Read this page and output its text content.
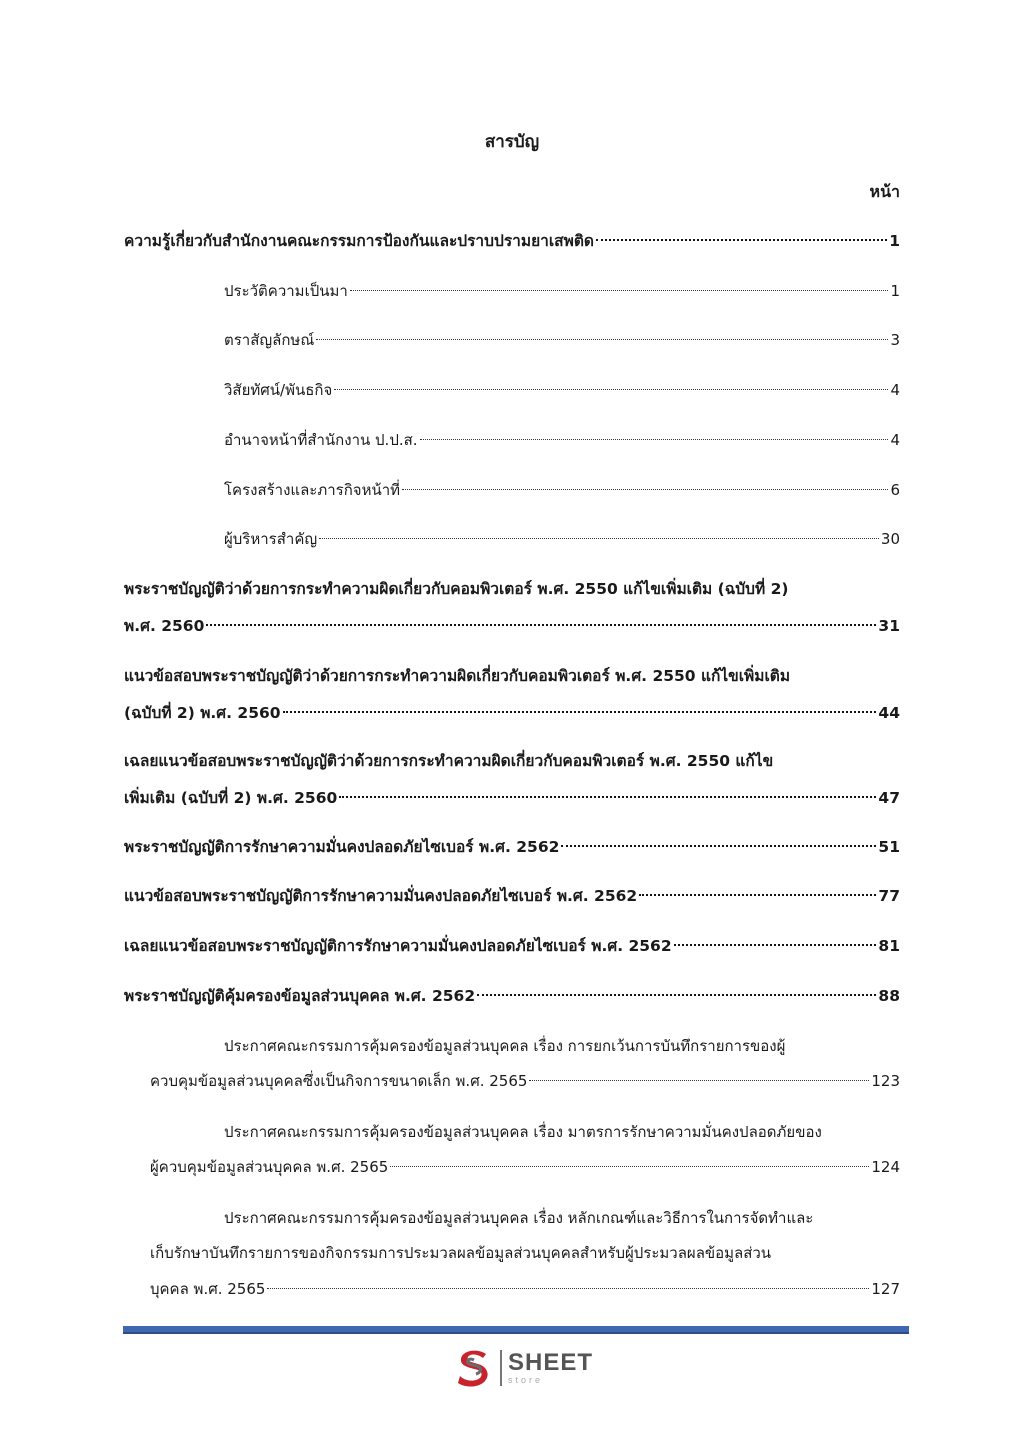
สารบัญ
หน้า
ความรู้เกี่ยวกับสำนักงานคณะกรรมการป้องกันและปราบปรามยาเสพติด	1
ประวัติความเป็นมา	1
ตราสัญลักษณ์	3
วิสัยทัศน์/พันธกิจ	4
อำนาจหน้าที่สำนักงาน ป.ป.ส.	4
โครงสร้างและภารกิจหน้าที่	6
ผู้บริหารสำคัญ	30
พระราชบัญญัติว่าด้วยการกระทำความผิดเกี่ยวกับคอมพิวเตอร์ พ.ศ. 2550 แก้ไขเพิ่มเติม (ฉบับที่ 2)
พ.ศ. 2560	31
แนวข้อสอบพระราชบัญญัติว่าด้วยการกระทำความผิดเกี่ยวกับคอมพิวเตอร์ พ.ศ. 2550 แก้ไขเพิ่มเติม
(ฉบับที่ 2) พ.ศ. 2560	44
เฉลยแนวข้อสอบพระราชบัญญัติว่าด้วยการกระทำความผิดเกี่ยวกับคอมพิวเตอร์ พ.ศ. 2550 แก้ไข
เพิ่มเติม (ฉบับที่ 2) พ.ศ. 2560	47
พระราชบัญญัติการรักษาความมั่นคงปลอดภัยไซเบอร์ พ.ศ. 2562	51
แนวข้อสอบพระราชบัญญัติการรักษาความมั่นคงปลอดภัยไซเบอร์ พ.ศ. 2562	77
เฉลยแนวข้อสอบพระราชบัญญัติการรักษาความมั่นคงปลอดภัยไซเบอร์ พ.ศ. 2562	81
พระราชบัญญัติคุ้มครองข้อมูลส่วนบุคคล พ.ศ. 2562	88
ประกาศคณะกรรมการคุ้มครองข้อมูลส่วนบุคคล เรื่อง การยกเว้นการบันทึกรายการของผู้
ควบคุมข้อมูลส่วนบุคคลซึ่งเป็นกิจการขนาดเล็ก พ.ศ. 2565	123
ประกาศคณะกรรมการคุ้มครองข้อมูลส่วนบุคคล เรื่อง มาตรการรักษาความมั่นคงปลอดภัยของ
ผู้ควบคุมข้อมูลส่วนบุคคล พ.ศ. 2565	124
ประกาศคณะกรรมการคุ้มครองข้อมูลส่วนบุคคล เรื่อง หลักเกณฑ์และวิธีการในการจัดทำและ
เก็บรักษาบันทึกรายการของกิจกรรมการประมวลผลข้อมูลส่วนบุคคลสำหรับผู้ประมวลผลข้อมูลส่วน
บุคคล พ.ศ. 2565	127
SHEET
store
